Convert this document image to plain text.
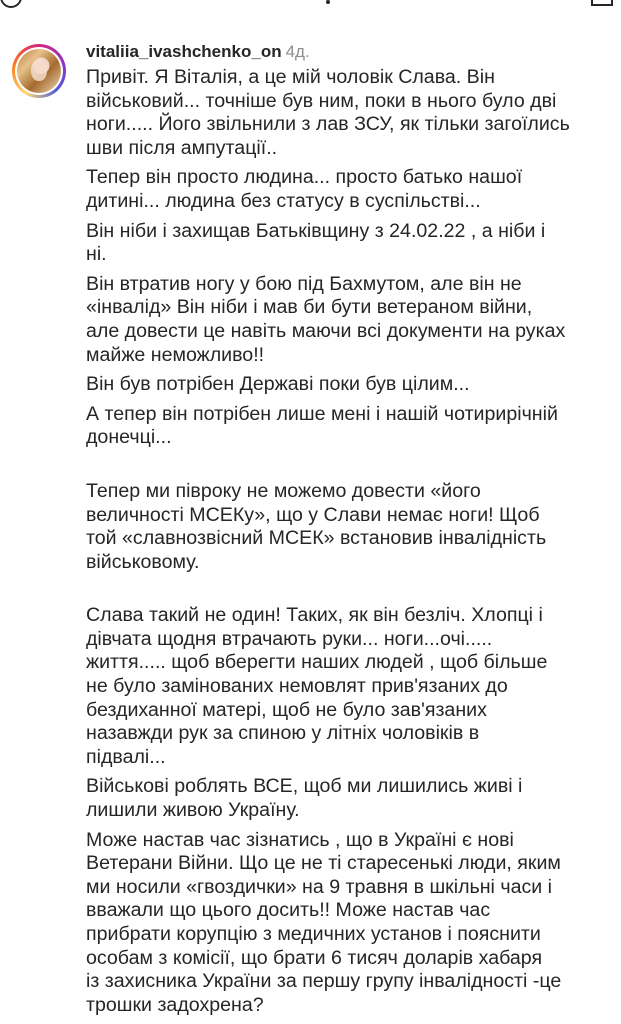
vitaliia_ivashchenko_on 4д.

Привіт. Я Віталія, а це мій чоловік Слава. Він
військовий... точніше був ним, поки в нього було дві
ноги..... Його звільнили з лав ЗСУ, як тільки загоїлись
шви після ампутації..

Тепер він просто людина... просто батько нашої
дитині... людина без статусу в суспільстві...

Він ніби і захищав Батьківщину з 24.02.22 , а ніби і
ні.

Він втратив ногу у бою під Бахмутом, але він не
«інвалід» Він ніби і мав би бути ветераном війни,
але довести це навіть маючи всі документи на руках
майже неможливо!!

Він був потрібен Державі поки був цілим...

А тепер він потрібен лише мені і нашій чотирирічній
донечці...

Тепер ми півроку не можемо довести «його
величності МСЕКу», що у Слави немає ноги! Щоб
той «славнозвісний МСЕК» встановив інвалідність
військовому.

Слава такий не один! Таких, як він безліч. Хлопці і
дівчата щодня втрачають руки... ноги...очі.....
життя..... щоб вберегти наших людей , щоб більше
не було замінованих немовлят прив'язаних до
бездиханної матері, щоб не було зав'язаних
назавжди рук за спиною у літніх чоловіків в
підвалі...

Військові роблять ВСЕ, щоб ми лишились живі і
лишили живою Україну.

Може настав час зізнатись , що в Україні є нові
Ветерани Війни. Що це не ті старесенькі люди, яким
ми носили «гвоздички» на 9 травня в шкільні часи і
вважали що цього досить!! Може настав час
прибрати корупцію з медичних установ і пояснити
особам з комісії, що брати 6 тисяч доларів хабаря
із захисника України за першу групу інвалідності -це
трошки задохрена?
